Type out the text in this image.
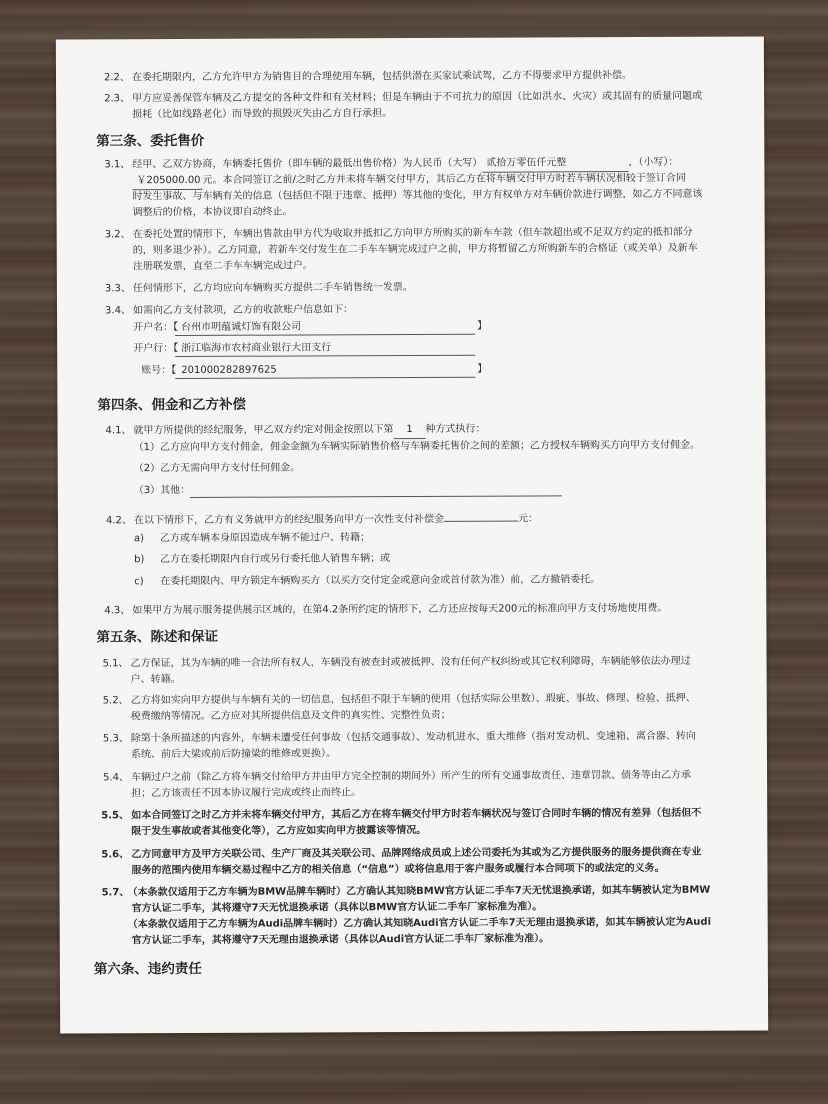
2.2、 在委托期限内，乙方允许甲方为销售目的合理使用车辆，包括供潜在买家试乘试驾，乙方不得要求甲方提供补偿。
2.3、 甲方应妥善保管车辆及乙方提交的各种文件和有关材料；但是车辆由于不可抗力的原因（比如洪水、火灾）或其固有的质量问题或
损耗（比如线路老化）而导致的损毁灭失由乙方自行承担。
第三条、委托售价
3.1、 经甲、乙双方协商，车辆委托售价（即车辆的最低出售价格）为人民币（大写） 贰拾万零伍仟元整	，（小写）：
￥205000.00 元。本合同签订之前/之时乙方并未将车辆交付甲方，其后乙方在将车辆交付甲方时若车辆状况相较于签订合同
时发生事故、与车辆有关的信息（包括但不限于违章、抵押）等其他的变化，甲方有权单方对车辆价款进行调整，如乙方不同意该
调整后的价格，本协议即自动终止。
3.2、 在委托处置的情形下，车辆出售款由甲方代为收取并抵扣乙方向甲方所购买的新车车款（但车款超出或不足双方约定的抵扣部分
的，则多退少补）。乙方同意，若新车交付发生在二手车车辆完成过户之前，甲方将暂留乙方所购新车的合格证（或关单）及新车
注册联发票，直至二手车车辆完成过户。
3.3、 任何情形下，乙方均应向车辆购买方提供二手车销售统一发票。
3.4、 如需向乙方支付款项，乙方的收款账户信息如下：
开户名：【 台州市明蕴诚灯饰有限公司	】
开户行：【 浙江临海市农村商业银行大田支行
账号：【 201000282897625	】
第四条、佣金和乙方补偿
4.1、 就甲方所提供的经纪服务，甲乙双方约定对佣金按照以下第 1 种方式执行：
（1）乙方应向甲方支付佣金，佣金金额为车辆实际销售价格与车辆委托售价之间的差额；乙方授权车辆购买方向甲方支付佣金。
（2）乙方无需向甲方支付任何佣金。
（3）其他：
4.2、 在以下情形下，乙方有义务就甲方的经纪服务向甲方一次性支付补偿金	元：
a) 乙方或车辆本身原因造成车辆不能过户、转籍；
b) 乙方在委托期限内自行或另行委托他人销售车辆；或
c) 在委托期限内、甲方锁定车辆购买方（以买方交付定金或意向金或首付款为准）前，乙方撤销委托。
4.3、 如果甲方为展示服务提供展示区域的，在第4.2条所约定的情形下，乙方还应按每天200元的标准向甲方支付场地使用费。
第五条、陈述和保证
5.1、 乙方保证，其为车辆的唯一合法所有权人，车辆没有被查封或被抵押、没有任何产权纠纷或其它权利障碍，车辆能够依法办理过
户、转籍。
5.2、 乙方将如实向甲方提供与车辆有关的一切信息，包括但不限于车辆的使用（包括实际公里数）、瑕疵、事故、修理、检验、抵押、
税费缴纳等情况。乙方应对其所提供信息及文件的真实性、完整性负责；
5.3、 除第十条所描述的内容外，车辆未遭受任何事故（包括交通事故）、发动机进水、重大维修（指对发动机、变速箱、离合器、转向
系统、前后大梁或前后防撞梁的维修或更换）。
5.4、 车辆过户之前（除乙方将车辆交付给甲方并由甲方完全控制的期间外）所产生的所有交通事故责任、违章罚款、债务等由乙方承
担；乙方该责任不因本协议履行完成或终止而终止。
5.5、 如本合同签订之时乙方并未将车辆交付甲方，其后乙方在将车辆交付甲方时若车辆状况与签订合同时车辆的情况有差异（包括但不
限于发生事故或者其他变化等），乙方应如实向甲方披露该等情况。
5.6、 乙方同意甲方及甲方关联公司、生产厂商及其关联公司、品牌网络成员或上述公司委托为其或为乙方提供服务的服务提供商在专业
服务的范围内使用车辆交易过程中乙方的相关信息（“信息”）或将信息用于客户服务或履行本合同项下的或法定的义务。
5.7、
（本条款仅适用于乙方车辆为BMW品牌车辆时）乙方确认其知晓BMW官方认证二手车7天无忧退换承诺，如其车辆被认定为BMW
官方认证二手车，其将遵守7天无忧退换承诺（具体以BMW官方认证二手车厂家标准为准）。
（本条款仅适用于乙方车辆为Audi品牌车辆时）乙方确认其知晓Audi官方认证二手车7天无理由退换承诺，如其车辆被认定为Audi
官方认证二手车，其将遵守7天无理由退换承诺（具体以Audi官方认证二手车厂家标准为准）。
第六条、违约责任
